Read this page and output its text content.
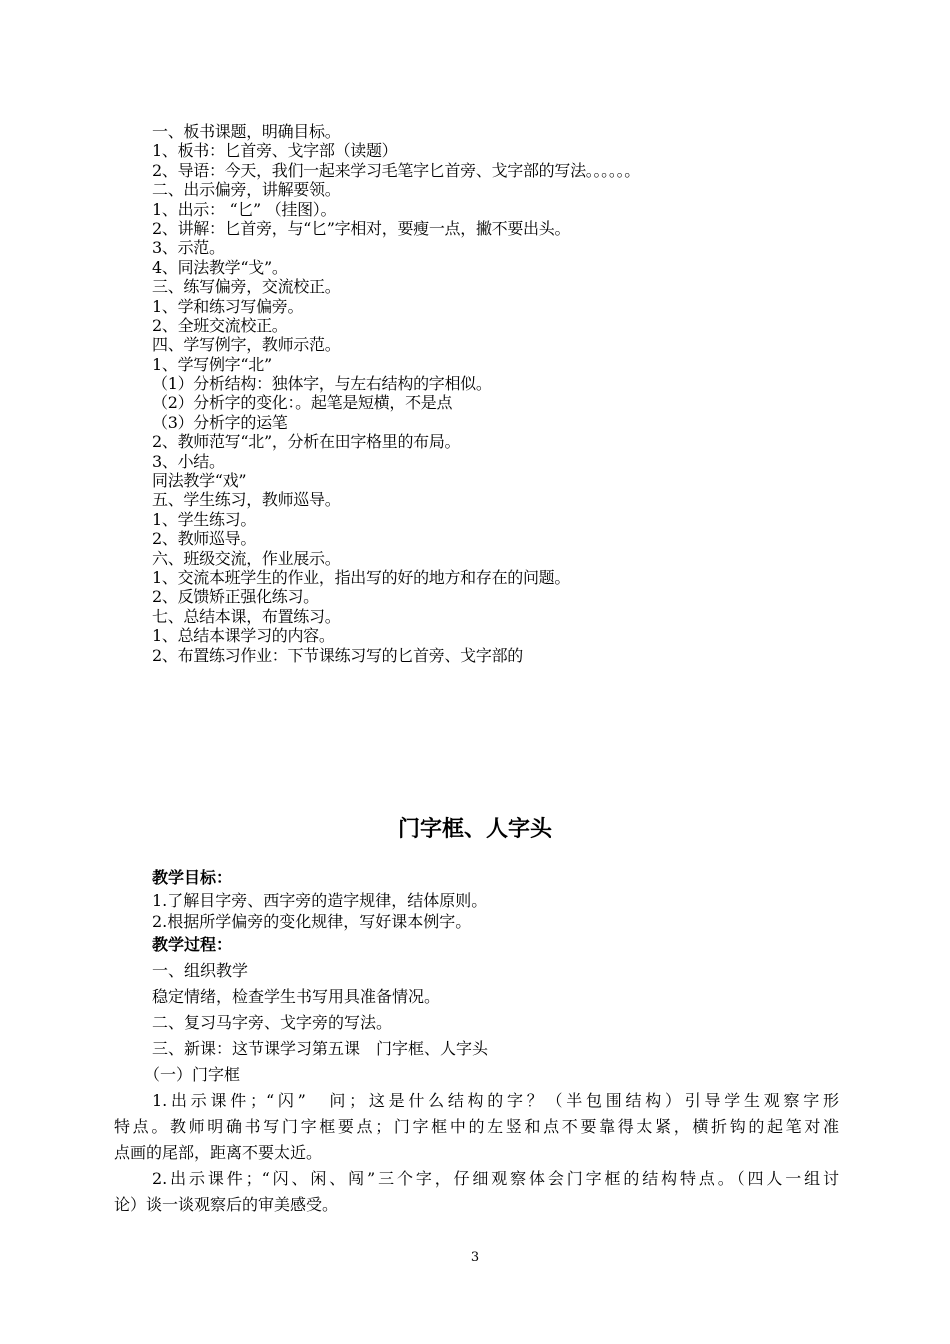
一、板书课题，明确目标。
1、板书：匕首旁、戈字部（读题）
2、导语：今天，我们一起来学习毛笔字匕首旁、戈字部的写法。。。。。。
二、出示偏旁，讲解要领。
1、出示： “匕” （挂图）。
2、讲解：匕首旁，与“匕”字相对，要瘦一点，撇不要出头。
3、示范。
4、同法教学“戈”。
三、练写偏旁，交流校正。
1、学和练习写偏旁。
2、全班交流校正。
四、学写例字，教师示范。
1、学写例字“北”
（1）分析结构：独体字，与左右结构的字相似。
（2）分析字的变化：。起笔是短横，不是点
（3）分析字的运笔
2、教师范写“北”，分析在田字格里的布局。
3、小结。
同法教学“戏”
五、学生练习，教师巡导。
1、学生练习。
2、教师巡导。
六、班级交流，作业展示。
1、交流本班学生的作业，指出写的好的地方和存在的问题。
2、反馈矫正强化练习。
七、总结本课，布置练习。
1、总结本课学习的内容。
2、布置练习作业：下节课练习写的匕首旁、戈字部的
门字框、人字头
教学目标：
1.了解目字旁、西字旁的造字规律，结体原则。
2.根据所学偏旁的变化规律，写好课本例字。
教学过程：
一、组织教学
稳定情绪，检查学生书写用具准备情况。
二、复习马字旁、戈字旁的写法。
三、新课：这节课学习第五课　门字框、人字头
（一）门字框
1.出示课件；“闪”　问；这是什么结构的字？（半包围结构）引导学生观察字形
特点。教师明确书写门字框要点；门字框中的左竖和点不要靠得太紧，横折钩的起笔对准
点画的尾部，距离不要太近。
2.出示课件；“闪、闲、闯”三个字，仔细观察体会门字框的结构特点。（四人一组讨
论）谈一谈观察后的审美感受。
3
